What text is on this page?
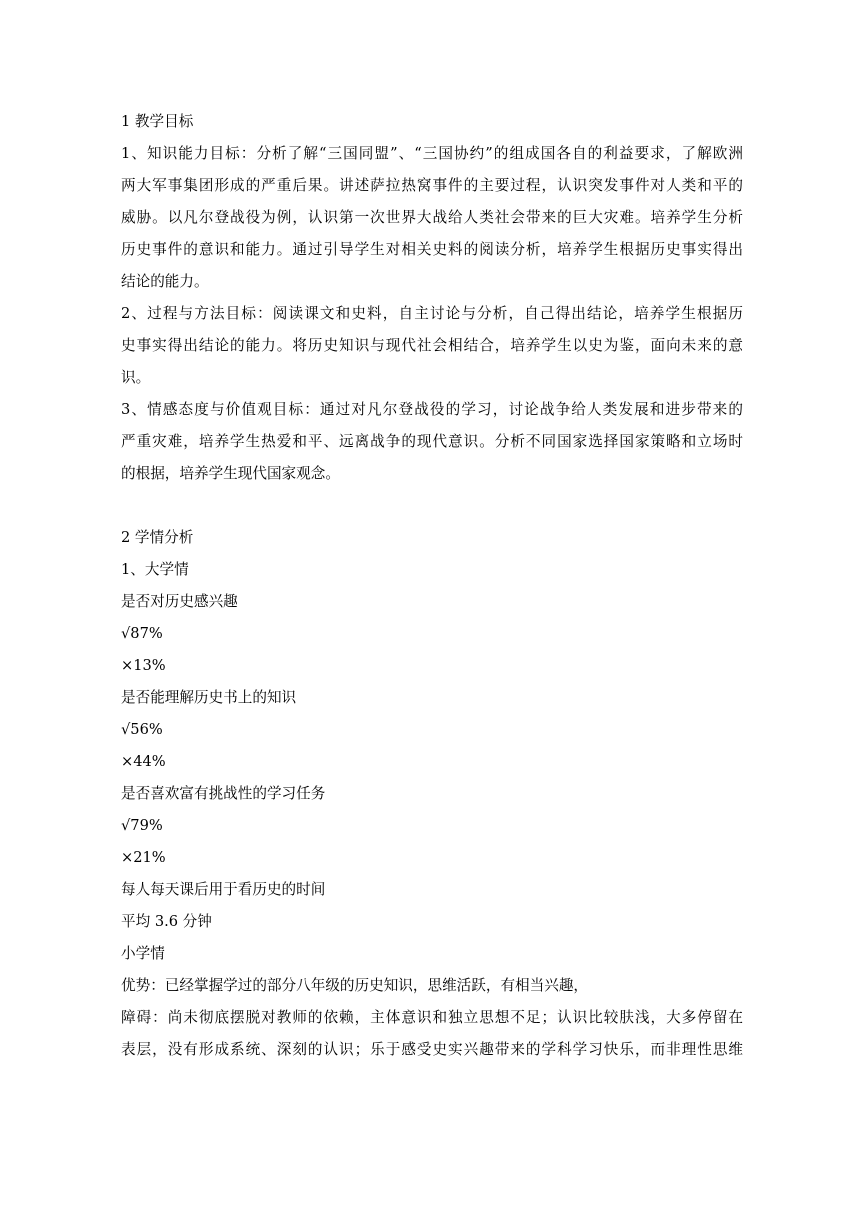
1 教学目标
1、知识能力目标：分析了解“三国同盟”、“三国协约”的组成国各自的利益要求，了解欧洲
两大军事集团形成的严重后果。讲述萨拉热窝事件的主要过程，认识突发事件对人类和平的
威胁。以凡尔登战役为例，认识第一次世界大战给人类社会带来的巨大灾难。培养学生分析
历史事件的意识和能力。通过引导学生对相关史料的阅读分析，培养学生根据历史事实得出
结论的能力。
2、过程与方法目标：阅读课文和史料，自主讨论与分析，自己得出结论，培养学生根据历
史事实得出结论的能力。将历史知识与现代社会相结合，培养学生以史为鉴，面向未来的意
识。
3、情感态度与价值观目标：通过对凡尔登战役的学习，讨论战争给人类发展和进步带来的
严重灾难，培养学生热爱和平、远离战争的现代意识。分析不同国家选择国家策略和立场时
的根据，培养学生现代国家观念。
2 学情分析
1、大学情
是否对历史感兴趣
√87%
×13%
是否能理解历史书上的知识
√56%
×44%
是否喜欢富有挑战性的学习任务
√79%
×21%
每人每天课后用于看历史的时间
平均 3.6 分钟
小学情
优势：已经掌握学过的部分八年级的历史知识，思维活跃，有相当兴趣，
障碍：尚未彻底摆脱对教师的依赖，主体意识和独立思想不足；认识比较肤浅，大多停留在
表层，没有形成系统、深刻的认识；乐于感受史实兴趣带来的学科学习快乐，而非理性思维
